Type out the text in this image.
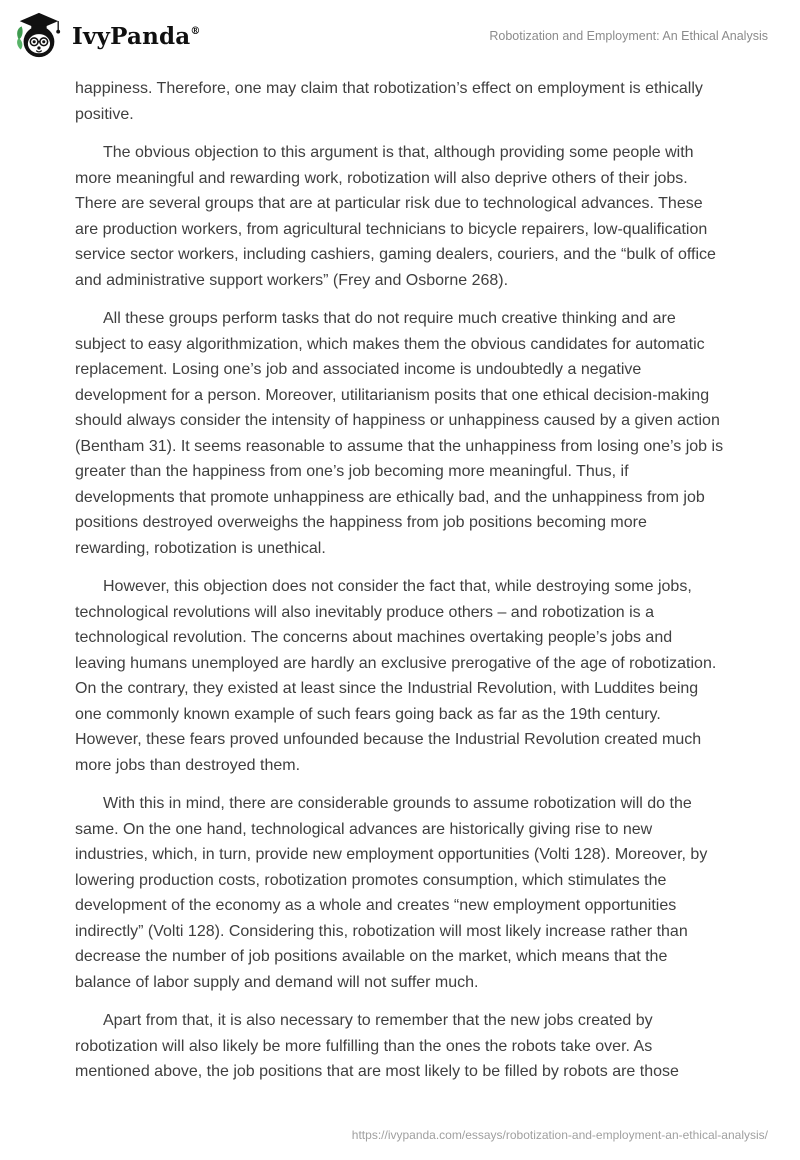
IvyPanda®	Robotization and Employment: An Ethical Analysis

happiness. Therefore, one may claim that robotization’s effect on employment is ethically positive.

The obvious objection to this argument is that, although providing some people with more meaningful and rewarding work, robotization will also deprive others of their jobs. There are several groups that are at particular risk due to technological advances. These are production workers, from agricultural technicians to bicycle repairers, low-qualification service sector workers, including cashiers, gaming dealers, couriers, and the “bulk of office and administrative support workers” (Frey and Osborne 268).

All these groups perform tasks that do not require much creative thinking and are subject to easy algorithmization, which makes them the obvious candidates for automatic replacement. Losing one’s job and associated income is undoubtedly a negative development for a person. Moreover, utilitarianism posits that one ethical decision-making should always consider the intensity of happiness or unhappiness caused by a given action (Bentham 31). It seems reasonable to assume that the unhappiness from losing one’s job is greater than the happiness from one’s job becoming more meaningful. Thus, if developments that promote unhappiness are ethically bad, and the unhappiness from job positions destroyed overweighs the happiness from job positions becoming more rewarding, robotization is unethical.

However, this objection does not consider the fact that, while destroying some jobs, technological revolutions will also inevitably produce others – and robotization is a technological revolution. The concerns about machines overtaking people’s jobs and leaving humans unemployed are hardly an exclusive prerogative of the age of robotization. On the contrary, they existed at least since the Industrial Revolution, with Luddites being one commonly known example of such fears going back as far as the 19th century. However, these fears proved unfounded because the Industrial Revolution created much more jobs than destroyed them.

With this in mind, there are considerable grounds to assume robotization will do the same. On the one hand, technological advances are historically giving rise to new industries, which, in turn, provide new employment opportunities (Volti 128). Moreover, by lowering production costs, robotization promotes consumption, which stimulates the development of the economy as a whole and creates “new employment opportunities indirectly” (Volti 128). Considering this, robotization will most likely increase rather than decrease the number of job positions available on the market, which means that the balance of labor supply and demand will not suffer much.

Apart from that, it is also necessary to remember that the new jobs created by robotization will also likely be more fulfilling than the ones the robots take over. As mentioned above, the job positions that are most likely to be filled by robots are those

https://ivypanda.com/essays/robotization-and-employment-an-ethical-analysis/
